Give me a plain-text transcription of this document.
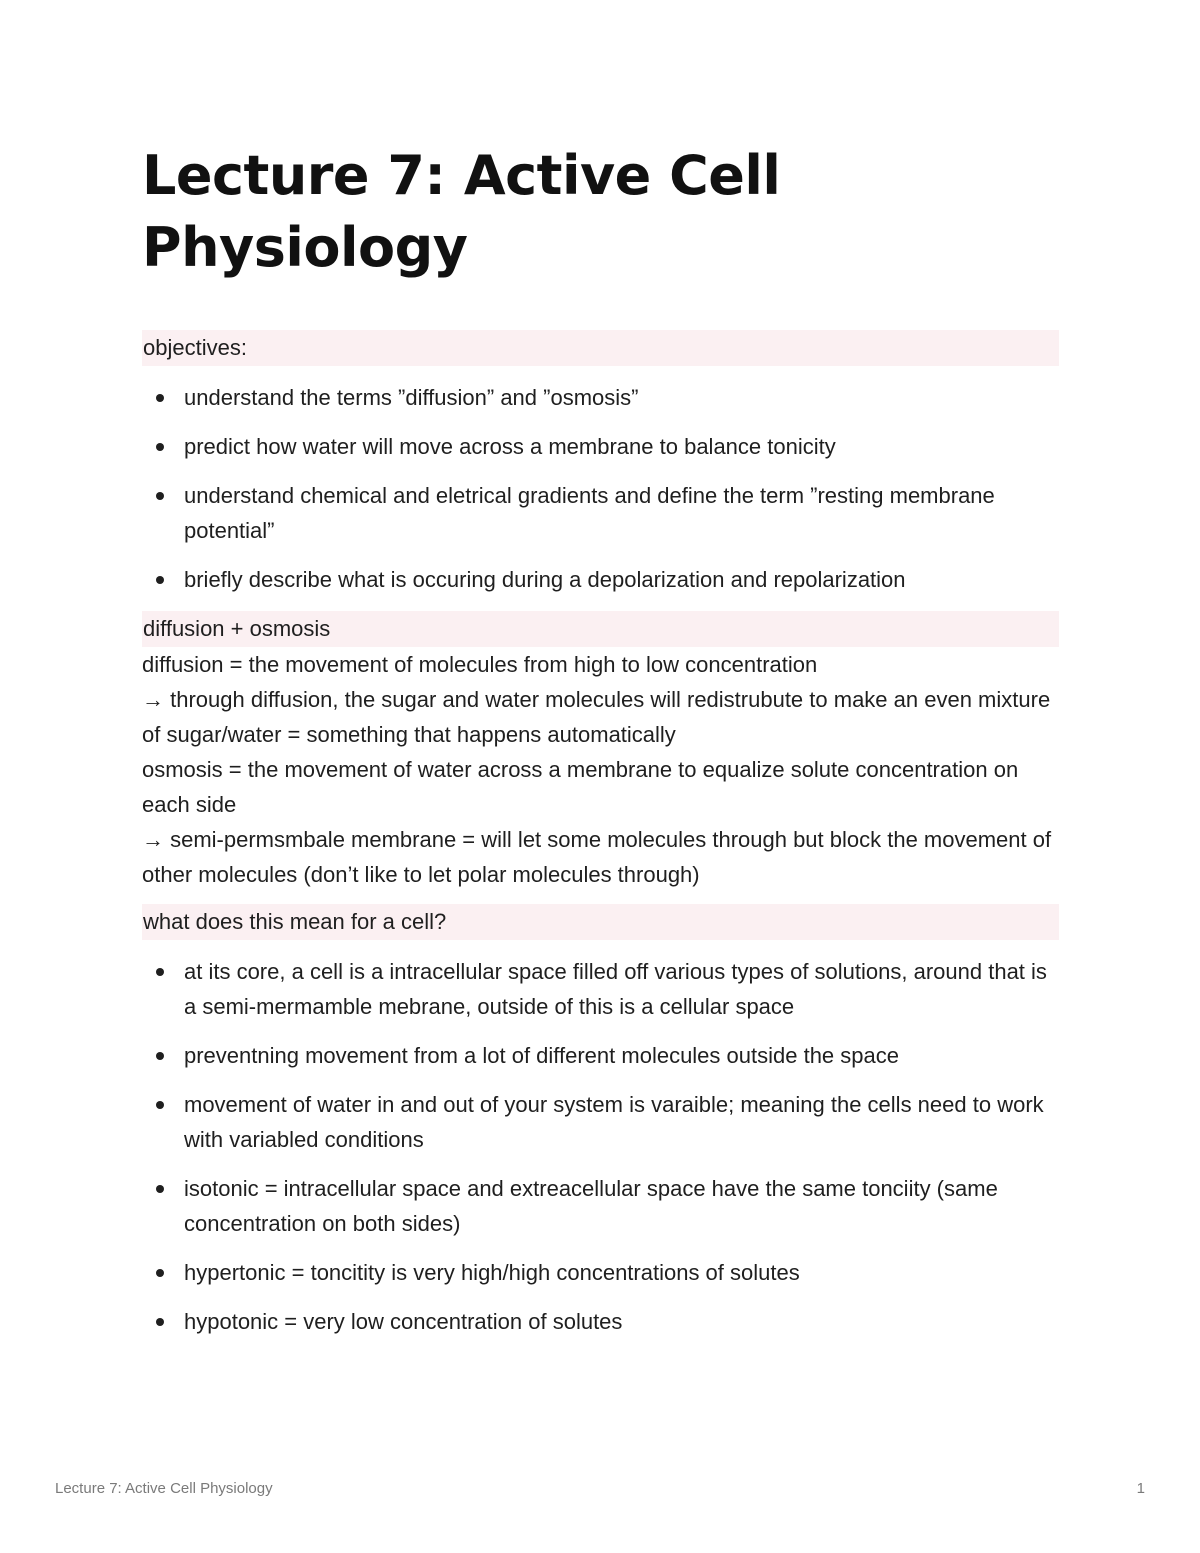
Lecture 7: Active Cell Physiology
objectives:
understand the terms ”diffusion” and ”osmosis”
predict how water will move across a membrane to balance tonicity
understand chemical and eletrical gradients and define the term ”resting membrane potential”
briefly describe what is occuring during a depolarization and repolarization
diffusion + osmosis

diffusion = the movement of molecules from high to low concentration

→ through diffusion, the sugar and water molecules will redistrubute to make an even mixture of sugar/water = something that happens automatically

osmosis = the movement of water across a membrane to equalize solute concentration on each side

→ semi-permsmbale membrane = will let some molecules through but block the movement of other molecules (don’t like to let polar molecules through)

what does this mean for a cell?
at its core, a cell is a intracellular space filled off various types of solutions, around that is a semi-mermamble mebrane, outside of this is a cellular space
preventning movement from a lot of different molecules outside the space
movement of water in and out of your system is varaible; meaning the cells need to work with variabled conditions
isotonic = intracellular space and extreacellular space have the same tonciity (same concentration on both sides)
hypertonic = toncitity is very high/high concentrations of solutes
hypotonic = very low concentration of solutes
Lecture 7: Active Cell Physiology	1
